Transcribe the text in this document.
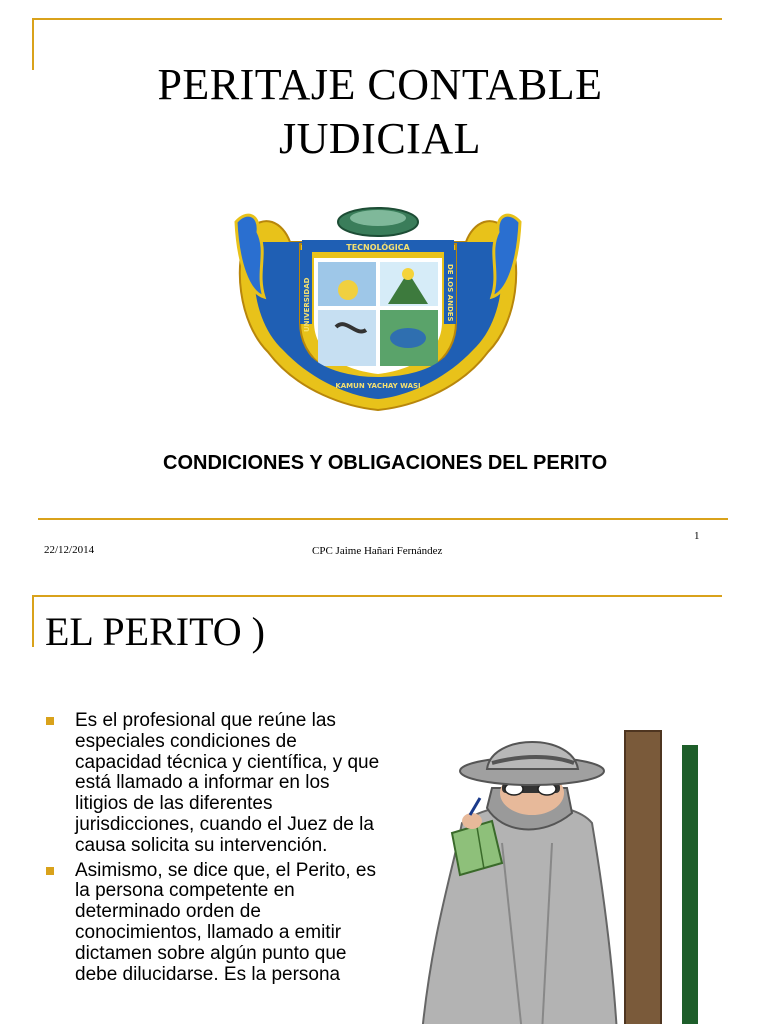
PERITAJE CONTABLE
JUDICIAL
TECNOLÓGICA
KAMUN YACHAY WASI
UNIVERSIDAD	DE LOS ANDES
CONDICIONES Y OBLIGACIONES DEL PERITO
1
22/12/2014	CPC Jaime Hañari Fernández
EL PERITO )
Es el profesional que reúne las especiales condiciones de capacidad técnica y científica, y que está llamado a informar en los litigios de las diferentes jurisdicciones, cuando el Juez de la causa solicita su intervención.
Asimismo, se dice que, el Perito, es la persona competente en determinado orden de conocimientos, llamado a emitir dictamen sobre algún punto que debe dilucidarse. Es la persona
